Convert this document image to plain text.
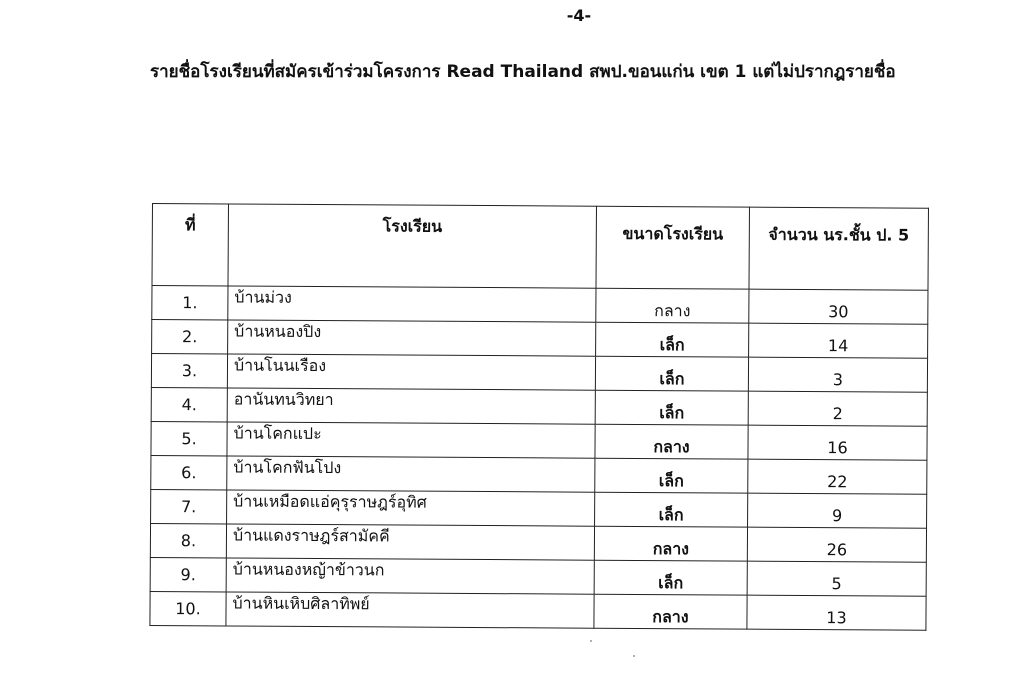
-4-
รายชื่อโรงเรียนที่สมัครเข้าร่วมโครงการ Read Thailand สพป.ขอนแก่น เขต 1 แต่ไม่ปรากฎรายชื่อ
ที่	โรงเรียน	ขนาดโรงเรียน	จำนวน นร.ชั้น ป. 5
1.	บ้านม่วง	กลาง	30
2.	บ้านหนองปิง	เล็ก	14
3.	บ้านโนนเรือง	เล็ก	3
4.	อานันทนวิทยา	เล็ก	2
5.	บ้านโคกแปะ	กลาง	16
6.	บ้านโคกฟันโปง	เล็ก	22
7.	บ้านเหมือดแอ่คุรุราษฎร์อุทิศ	เล็ก	9
8.	บ้านแดงราษฎร์สามัคคี	กลาง	26
9.	บ้านหนองหญ้าข้าวนก	เล็ก	5
10.	บ้านหินเหิบศิลาทิพย์	กลาง	13
